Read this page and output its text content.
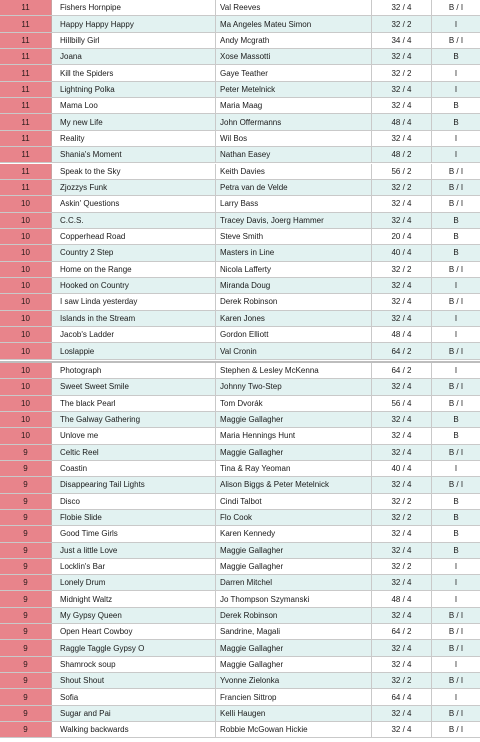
11	Fishers Hornpipe	Val Reeves	32 / 4	B / I
11	Happy Happy Happy	Ma Angeles Mateu Simon	32 / 2	I
11	Hillbilly Girl	Andy Mcgrath	34 / 4	B / I
11	Joana	Xose Massotti	32 / 4	B
11	Kill the Spiders	Gaye Teather	32 / 2	I
11	Lightning Polka	Peter Metelnick	32 / 4	I
11	Mama Loo	Maria Maag	32 / 4	B
11	My new Life	John Offermanns	48 / 4	B
11	Reality	Wil Bos	32 / 4	I
11	Shania's Moment	Nathan Easey	48 / 2	I
11	Speak to the Sky	Keith Davies	56 / 2	B / I
11	Zjozzys Funk	Petra van de Velde	32 / 2	B / I
10	Askin' Questions	Larry Bass	32 / 4	B / I
10	C.C.S.	Tracey Davis, Joerg Hammer	32 / 4	B
10	Copperhead Road	Steve Smith	20 / 4	B
10	Country 2 Step	Masters in Line	40 / 4	B
10	Home on the Range	Nicola Lafferty	32 / 2	B / I
10	Hooked on Country	Miranda Doug	32 / 4	I
10	I saw Linda yesterday	Derek Robinson	32 / 4	B / I
10	Islands in the Stream	Karen Jones	32 / 4	I
10	Jacob's Ladder	Gordon Elliott	48 / 4	I
10	Loslappie	Val Cronin	64 / 2	B / I
10	Photograph	Stephen & Lesley McKenna	64 / 2	I
10	Sweet Sweet Smile	Johnny Two-Step	32 / 4	B / I
10	The black Pearl	Tom Dvorák	56 / 4	B / I
10	The Galway Gathering	Maggie Gallagher	32 / 4	B
10	Unlove me	Maria Hennings Hunt	32 / 4	B
9	Celtic Reel	Maggie Gallagher	32 / 4	B / I
9	Coastin	Tina & Ray Yeoman	40 / 4	I
9	Disappearing Tail Lights	Alison Biggs & Peter Metelnick	32 / 4	B / I
9	Disco	Cindi Talbot	32 / 2	B
9	Flobie Slide	Flo Cook	32 / 2	B
9	Good Time Girls	Karen Kennedy	32 / 4	B
9	Just a little Love	Maggie Gallagher	32 / 4	B
9	Locklin's Bar	Maggie Gallagher	32 / 2	I
9	Lonely Drum	Darren Mitchel	32 / 4	I
9	Midnight Waltz	Jo Thompson Szymanski	48 / 4	I
9	My Gypsy Queen	Derek Robinson	32 / 4	B / I
9	Open Heart Cowboy	Sandrine, Magali	64 / 2	B / I
9	Raggle Taggle Gypsy O	Maggie Gallagher	32 / 4	B / I
9	Shamrock soup	Maggie Gallagher	32 / 4	I
9	Shout Shout	Yvonne Zielonka	32 / 2	B / I
9	Sofia	Francien Sittrop	64 / 4	I
9	Sugar and Pai	Kelli Haugen	32 / 4	B / I
9	Walking backwards	Robbie McGowan Hickie	32 / 4	B / I
